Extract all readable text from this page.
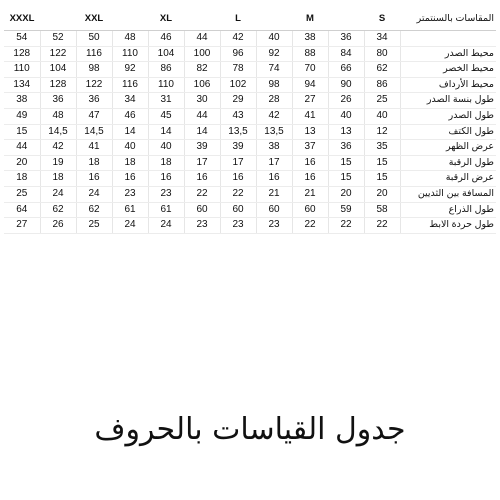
XXXL		XXL		XL		L		M		S	المقاسات بالسنتمتر
54	52	50	48	46	44	42	40	38	36	34	
128	122	116	110	104	100	96	92	88	84	80	محيط الصدر
110	104	98	92	86	82	78	74	70	66	62	محيط الخصر
134	128	122	116	110	106	102	98	94	90	86	محيط الأرداف
38	36	36	34	31	30	29	28	27	26	25	طول بنسة الصدر
49	48	47	46	45	44	43	42	41	40	40	طول الصدر
15	14,5	14,5	14	14	14	13,5	13,5	13	13	12	طول الكتف
44	42	41	40	40	39	39	38	37	36	35	عرض الظهر
20	19	18	18	18	17	17	17	16	15	15	طول الرقبة
18	18	16	16	16	16	16	16	16	15	15	عرض الرقبة
25	24	24	23	23	22	22	21	21	20	20	المسافة بين الثديين
64	62	62	61	61	60	60	60	60	59	58	طول الذراع
27	26	25	24	24	23	23	23	22	22	22	طول حردة الابط
جدول القياسات بالحروف
